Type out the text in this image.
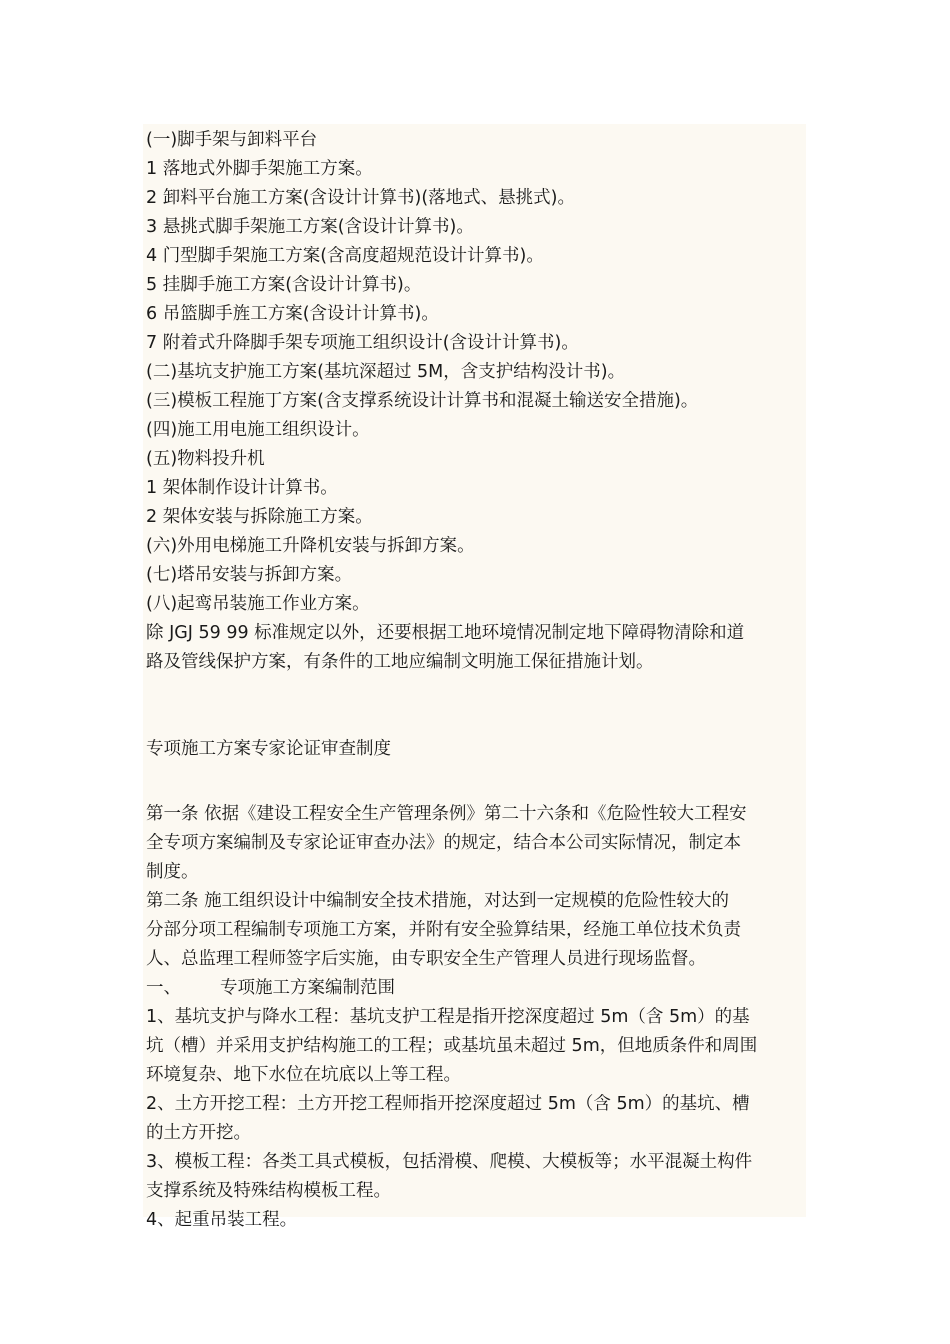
(一)脚手架与卸料平台
1 落地式外脚手架施工方案。
2 卸料平台施工方案(含设计计算书)(落地式、悬挑式)。
3 悬挑式脚手架施工方案(含设计计算书)。
4 门型脚手架施工方案(含高度超规范设计计算书)。
5 挂脚手施工方案(含设计计算书)。
6 吊篮脚手旌工方案(含设计计算书)。
7 附着式升降脚手架专项施工组织设计(含设计计算书)。
(二)基坑支护施工方案(基坑深超过 5M，含支护结构没计书)。
(三)模板工程施丁方案(含支撑系统设计计算书和混凝土输送安全措施)。
(四)施工用电施工组织设计。
(五)物料投升机
1 架体制作设计计算书。
2 架体安装与拆除施工方案。
(六)外用电梯施工升降机安装与拆卸方案。
(七)塔吊安装与拆卸方案。
(八)起鸾吊装施工作业方案。
除 JGJ 59 99 标准规定以外，还要根据工地环境情况制定地下障碍物清除和道
路及管线保护方案，有条件的工地应编制文明施工保征措施计划。
专项施工方案专家论证审查制度
第一条 依据《建设工程安全生产管理条例》第二十六条和《危险性较大工程安
全专项方案编制及专家论证审查办法》的规定，结合本公司实际情况，制定本
制度。
第二条 施工组织设计中编制安全技术措施，对达到一定规模的危险性较大的
分部分项工程编制专项施工方案，并附有安全验算结果，经施工单位技术负责
人、总监理工程师签字后实施，由专职安全生产管理人员进行现场监督。
一、       专项施工方案编制范围
1、基坑支护与降水工程：基坑支护工程是指开挖深度超过 5m（含 5m）的基
坑（槽）并采用支护结构施工的工程；或基坑虽未超过 5m，但地质条件和周围
环境复杂、地下水位在坑底以上等工程。
2、土方开挖工程：土方开挖工程师指开挖深度超过 5m（含 5m）的基坑、槽
的土方开挖。
3、模板工程：各类工具式模板，包括滑模、爬模、大模板等；水平混凝土构件
支撑系统及特殊结构模板工程。
4、起重吊装工程。
